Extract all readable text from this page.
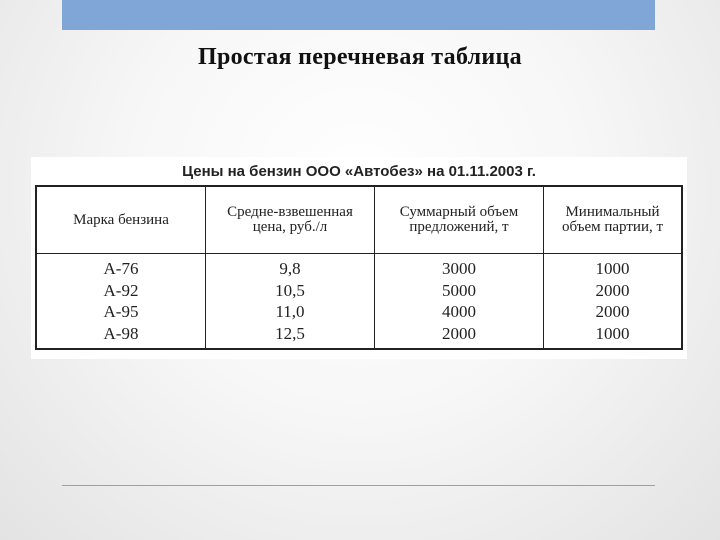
Простая перечневая таблица
Цены на бензин ООО «Автобез» на 01.11.2003 г.
Марка бензина	Средне-взвешенная цена, руб./л	Суммарный объем предложений, т	Минимальный объем партии, т
А-76	9,8	3000	1000
А-92	10,5	5000	2000
А-95	11,0	4000	2000
А-98	12,5	2000	1000
